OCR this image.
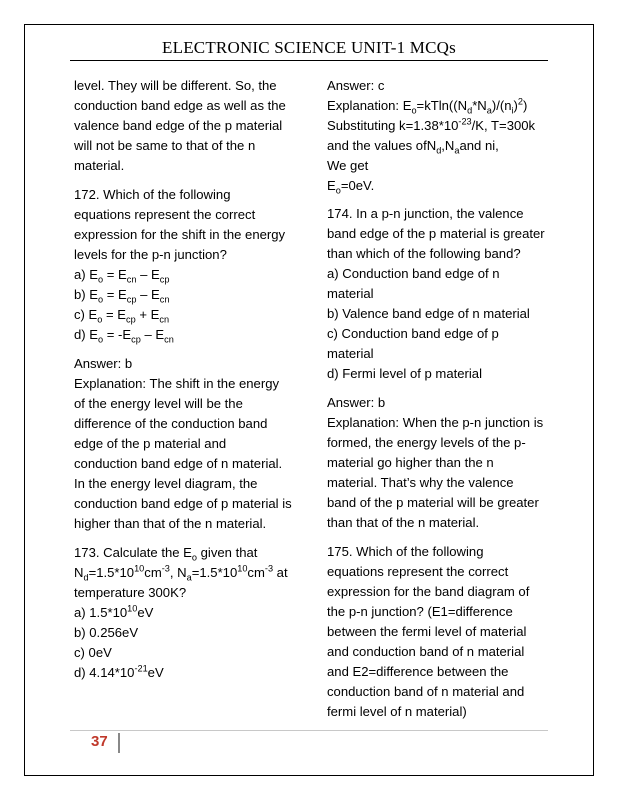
ELECTRONIC SCIENCE UNIT-1 MCQs
level. They will be different. So, the
conduction band edge as well as the
valence band edge of the p material
will not be same to that of the n
material.
172. Which of the following
equations represent the correct
expression for the shift in the energy
levels for the p-n junction?
a) $E_o = E_{cn} - E_{cp}$
b) $E_o = E_{cp} - E_{cn}$
c) $E_o = E_{cp} + E_{cn}$
d) $E_o = -E_{cp} - E_{cn}$
Answer: b
Explanation: The shift in the energy
of the energy level will be the
difference of the conduction band
edge of the p material and
conduction band edge of n material.
In the energy level diagram, the
conduction band edge of p material is
higher than that of the n material.
173. Calculate the $E_o$ given that
$N_d=1.5*10^{10}cm^{-3}$, $N_a=1.5*10^{10}cm^{-3}$ at
temperature 300K?
a) $1.5*10^{10}eV$
b) 0.256eV
c) 0eV
d) $4.14*10^{-21}eV$
Answer: c
Explanation: $E_o=kTln((N_d*N_a)/(n_i)^2)$
Substituting $k=1.38*10^{-23}/K$, T=300k
and the values $ofN_d,N_aand$ ni,
We get
$E_o=0eV$.
174. In a p-n junction, the valence
band edge of the p material is greater
than which of the following band?
a) Conduction band edge of n
material
b) Valence band edge of n material
c) Conduction band edge of p
material
d) Fermi level of p material
Answer: b
Explanation: When the p-n junction is
formed, the energy levels of the p-
material go higher than the n
material. That’s why the valence
band of the p material will be greater
than that of the n material.
175. Which of the following
equations represent the correct
expression for the band diagram of
the p-n junction? (E1=difference
between the fermi level of material
and conduction band of n material
and E2=difference between the
conduction band of n material and
fermi level of n material)
37
